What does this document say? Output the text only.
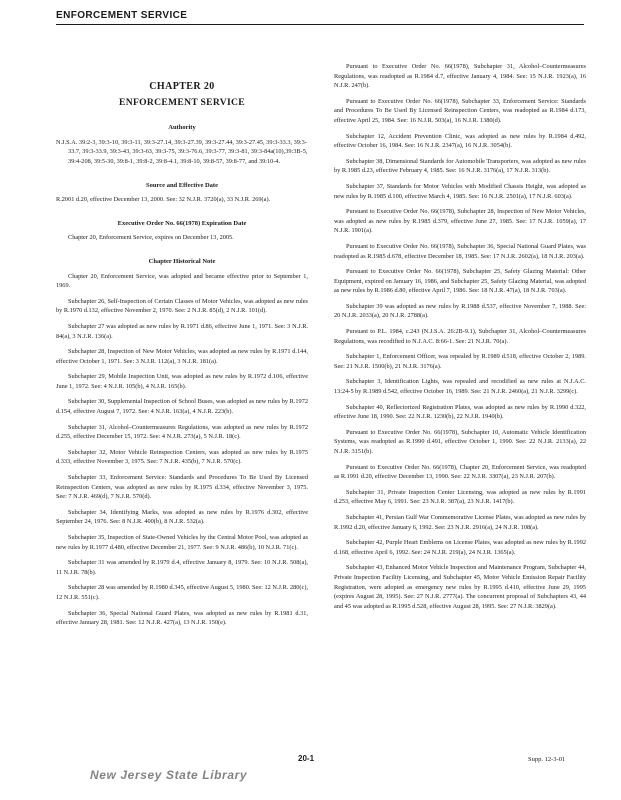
ENFORCEMENT SERVICE
CHAPTER 20
ENFORCEMENT SERVICE
Authority
N.J.S.A. 39:2-3, 39:3-10, 39:3-11, 39:3-27.14, 39:3-27.39, 39:3-27.44, 39:3-27.45, 39:3-33.3, 39:3-33.7, 39:3-33.9, 39:3-43, 39:3-63, 39:3-75, 39:3-76.6, 39:3-77, 39:3-81, 39:3-84a(10),39:3B-5, 39:4-208, 39:5-30, 39:8-1, 39:8-2, 39:8-4.1, 39:8-10, 39:8-57, 39:8-77, and 39:10-4.
Source and Effective Date
R.2001 d.20, effective December 13, 2000. See: 32 N.J.R. 3720(a), 33 N.J.R. 269(a).
Executive Order No. 66(1978) Expiration Date
Chapter 20, Enforcement Service, expires on December 13, 2005.
Chapter Historical Note

Chapter 20, Enforcement Service, was adopted and became effective prior to September 1, 1969.

Subchapter 26, Self-Inspection of Certain Classes of Motor Vehicles, was adopted as new rules by R.1970 d.132, effective November 2, 1970. See: 2 N.J.R. 85(d), 2 N.J.R. 101(d).

Subchapter 27 was adopted as new rules by R.1971 d.86, effective June 1, 1971. See: 3 N.J.R. 84(a), 3 N.J.R. 136(a).

Subchapter 28, Inspection of New Motor Vehicles, was adopted as new rules by R.1971 d.144, effective October 1, 1971. See: 3 N.J.R. 112(a), 3 N.J.R. 181(a).

Subchapter 29, Mobile Inspection Unit, was adopted as new rules by R.1972 d.106, effective June 1, 1972. See: 4 N.J.R. 105(b), 4 N.J.R. 165(b).

Subchapter 30, Supplemental Inspection of School Buses, was adopted as new rules by R.1972 d.154, effective August 7, 1972. See: 4 N.J.R. 163(a), 4 N.J.R. 223(b).

Subchapter 31, Alcohol–Countermeasures Regulations, was adopted as new rules by R.1972 d.255, effective December 15, 1972. See: 4 N.J.R. 273(a), 5 N.J.R. 18(c).

Subchapter 32, Motor Vehicle Reinspection Centers, was adopted as new rules by R.1975 d.333, effective November 3, 1975. See: 7 N.J.R. 435(b), 7 N.J.R. 570(c).

Subchapter 33, Enforcement Service: Standards and Procedures To Be Used By Licensed Reinspection Centers, was adopted as new rules by R.1975 d.334, effective November 3, 1975. See: 7 N.J.R. 469(d), 7 N.J.R. 570(d).

Subchapter 34, Identifying Marks, was adopted as new rules by R.1976 d.302, effective September 24, 1976. See: 8 N.J.R. 400(b), 8 N.J.R. 532(a).

Subchapter 35, Inspection of State-Owned Vehicles by the Central Motor Pool, was adopted as new rules by R.1977 d.480, effective December 21, 1977. See: 9 N.J.R. 486(b), 10 N.J.R. 71(c).

Subchapter 31 was amended by R.1979 d.4, effective January 8, 1979. See: 10 N.J.R. 508(a), 11 N.J.R. 78(b).

Subchapter 28 was amended by R.1980 d.345, effective August 5, 1980. See: 12 N.J.R. 280(c), 12 N.J.R. 551(c).

Subchapter 36, Special National Guard Plates, was adopted as new rules by R.1981 d.31, effective January 28, 1981. See: 12 N.J.R. 427(a), 13 N.J.R. 150(e).

Pursuant to Executive Order No. 66(1978), Subchapter 31, Alcohol–Countermeasures Regulations, was readopted as R.1984 d.7, effective January 4, 1984. See: 15 N.J.R. 1923(a), 16 N.J.R. 247(b).

Pursuant to Executive Order No. 66(1978), Subchapter 33, Enforcement Service: Standards and Procedures To Be Used By Licensed Reinspection Centers, was readopted as R.1984 d.173, effective April 25, 1984. See: 16 N.J.R. 503(a), 16 N.J.R. 1380(d).

Subchapter 12, Accident Prevention Clinic, was adopted as new rules by R.1984 d.492, effective October 16, 1984. See: 16 N.J.R. 2347(a), 16 N.J.R. 3054(b).

Subchapter 38, Dimensional Standards for Automobile Transporters, was adopted as new rules by R.1985 d.23, effective February 4, 1985. See: 16 N.J.R. 3176(a), 17 N.J.R. 313(b).

Subchapter 37, Standards for Motor Vehicles with Modified Chassis Height, was adopted as new rules by R.1985 d.100, effective March 4, 1985. See: 16 N.J.R. 2501(a), 17 N.J.R. 603(a).

Pursuant to Executive Order No. 66(1978), Subchapter 28, Inspection of New Motor Vehicles, was adopted as new rules by R.1985 d.379, effective June 27, 1985. See: 17 N.J.R. 1059(a), 17 N.J.R. 1901(a).

Pursuant to Executive Order No. 66(1978), Subchapter 36, Special National Guard Plates, was readopted as R.1985 d.678, effective December 18, 1985. See: 17 N.J.R. 2602(a), 18 N.J.R. 203(a).

Pursuant to Executive Order No. 66(1978), Subchapter 25, Safety Glazing Material: Other Equipment, expired on January 16, 1986, and Subchapter 25, Safety Glazing Material, was adopted as new rules by R.1986 d.80, effective April 7, 1986. See: 18 N.J.R. 47(a), 18 N.J.R. 703(a).

Subchapter 39 was adopted as new rules by R.1988 d.537, effective November 7, 1988. See: 20 N.J.R. 2033(a), 20 N.J.R. 2788(a).

Pursuant to P.L. 1984, c.243 (N.J.S.A. 26:2B-9.1), Subchapter 31, Alcohol–Countermeasures Regulations, was recodified to N.J.A.C. 8:66-1. See: 21 N.J.R. 70(a).

Subchapter 1, Enforcement Officer, was repealed by R.1989 d.518, effective October 2, 1989. See: 21 N.J.R. 1500(b), 21 N.J.R. 3176(a).

Subchapter 3, Identification Lights, was repealed and recodified as new rules at N.J.A.C. 13:24-5 by R.1989 d.542, effective October 16, 1989. See: 21 N.J.R. 2460(a), 21 N.J.R. 3299(c).

Subchapter 40, Reflectorized Registration Plates, was adopted as new rules by R.1990 d.322, effective June 18, 1990. See: 22 N.J.R. 1230(b), 22 N.J.R. 1940(b).

Pursuant to Executive Order No. 66(1978), Subchapter 10, Automatic Vehicle Identification Systems, was readopted as R.1990 d.491, effective October 1, 1990. See: 22 N.J.R. 2133(a), 22 N.J.R. 3151(b).

Pursuant to Executive Order No. 66(1978), Chapter 20, Enforcement Service, was readopted as R.1991 d.20, effective December 13, 1990. See: 22 N.J.R. 3307(a), 23 N.J.R. 207(b).

Subchapter 31, Private Inspection Center Licensing, was adopted as new rules by R.1991 d.253, effective May 6, 1991. See: 23 N.J.R. 387(a), 23 N.J.R. 1417(b).

Subchapter 41, Persian Gulf War Commemorative License Plates, was adopted as new rules by R.1992 d.20, effective January 6, 1992. See: 23 N.J.R. 2916(a), 24 N.J.R. 108(a).

Subchapter 42, Purple Heart Emblems on License Plates, was adopted as new rules by R.1992 d.168, effective April 6, 1992. See: 24 N.J.R. 219(a), 24 N.J.R. 1365(a).

Subchapter 43, Enhanced Motor Vehicle Inspection and Maintenance Program, Subchapter 44, Private Inspection Facility Licensing, and Subchapter 45, Motor Vehicle Emission Repair Facility Registration, were adopted as emergency new rules by R.1995 d.410, effective June 29, 1995 (expires August 28, 1995). See: 27 N.J.R. 2777(a). The concurrent proposal of Subchapters 43, 44 and 45 was adopted as R.1995 d.528, effective August 28, 1995. See: 27 N.J.R. 3829(a).

20-1	Supp. 12-3-01
New Jersey State Library
